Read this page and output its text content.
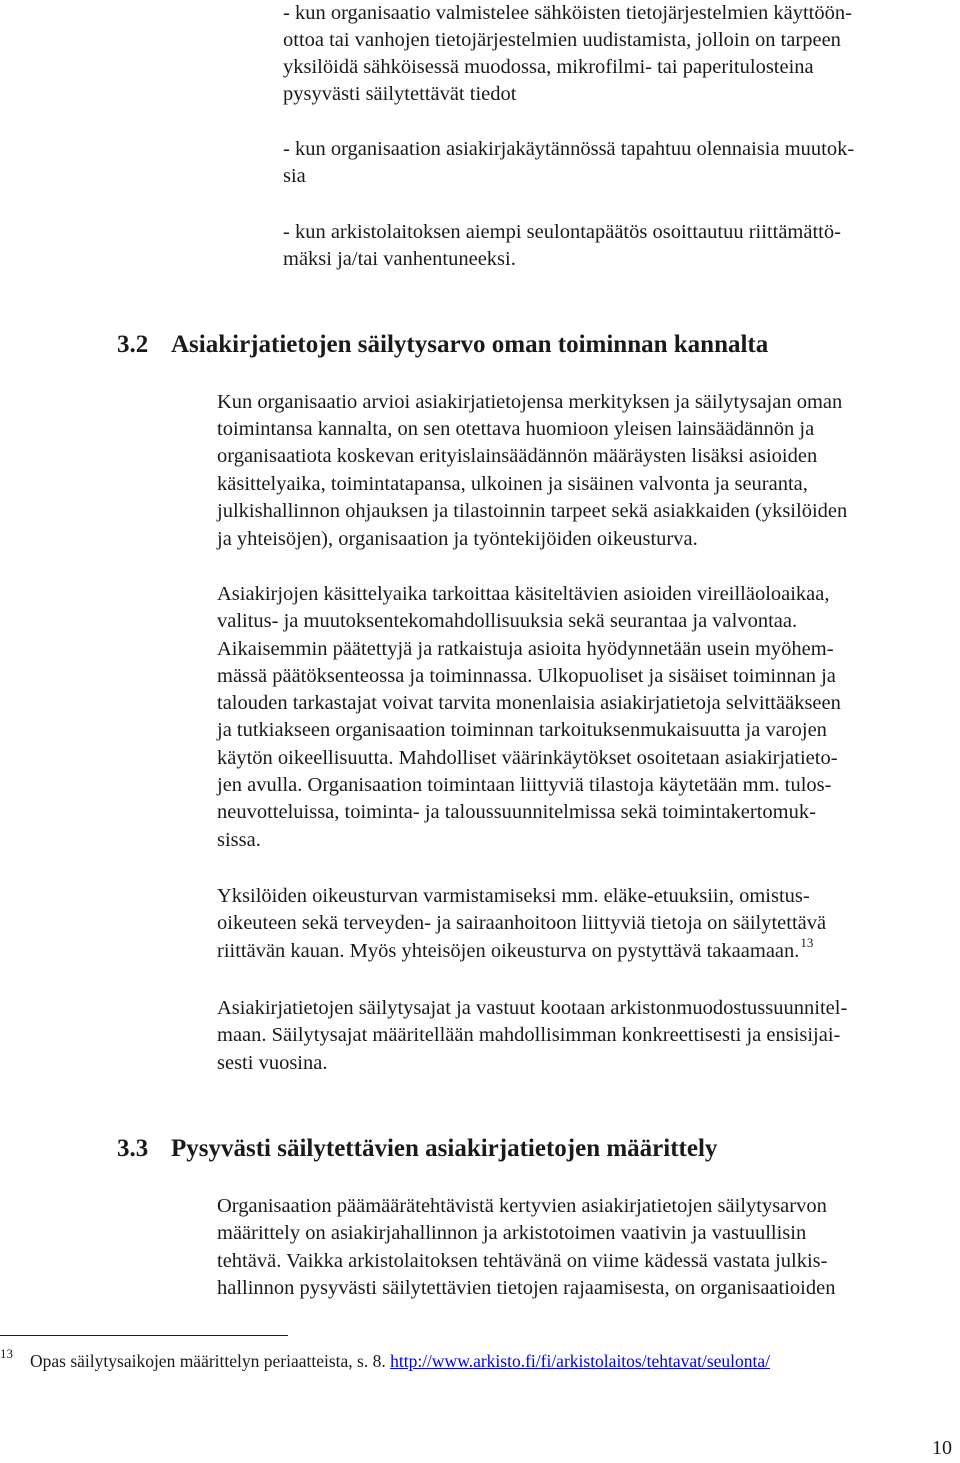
- kun organisaatio valmistelee sähköisten tietojärjestelmien käyttöön-
ottoa tai vanhojen tietojärjestelmien uudistamista, jolloin on tarpeen
yksilöidä sähköisessä muodossa, mikrofilmi- tai paperitulosteina
pysyvästi säilytettävät tiedot
- kun organisaation asiakirjakäytännössä tapahtuu olennaisia muutok-
sia
- kun arkistolaitoksen aiempi seulontapäätös osoittautuu riittämättö-
mäksi ja/tai vanhentuneeksi.
3.2 Asiakirjatietojen säilytysarvo oman toiminnan kannalta
Kun organisaatio arvioi asiakirjatietojensa merkityksen ja säilytysajan oman
toimintansa kannalta, on sen otettava huomioon yleisen lainsäädännön ja
organisaatiota koskevan erityislainsäädännön määräysten lisäksi asioiden
käsittelyaika, toimintatapansa, ulkoinen ja sisäinen valvonta ja seuranta,
julkishallinnon ohjauksen ja tilastoinnin tarpeet sekä asiakkaiden (yksilöiden
ja yhteisöjen), organisaation ja työntekijöiden oikeusturva.
Asiakirjojen käsittelyaika tarkoittaa käsiteltävien asioiden vireilläoloaikaa,
valitus- ja muutoksentekomahdollisuuksia sekä seurantaa ja valvontaa.
Aikaisemmin päätettyjä ja ratkaistuja asioita hyödynnetään usein myöhem-
mässä päätöksenteossa ja toiminnassa. Ulkopuoliset ja sisäiset toiminnan ja
talouden tarkastajat voivat tarvita monenlaisia asiakirjatietoja selvittääkseen
ja tutkiakseen organisaation toiminnan tarkoituksenmukaisuutta ja varojen
käytön oikeellisuutta. Mahdolliset väärinkäytökset osoitetaan asiakirjatieto-
jen avulla. Organisaation toimintaan liittyviä tilastoja käytetään mm. tulos-
neuvotteluissa, toiminta- ja taloussuunnitelmissa sekä toimintakertomuk-
sissa.
Yksilöiden oikeusturvan varmistamiseksi mm. eläke-etuuksiin, omistus-
oikeuteen sekä terveyden- ja sairaanhoitoon liittyviä tietoja on säilytettävä
riittävän kauan. Myös yhteisöjen oikeusturva on pystyttävä takaamaan.$^{13}$
Asiakirjatietojen säilytysajat ja vastuut kootaan arkistonmuodostussuunnitel-
maan. Säilytysajat määritellään mahdollisimman konkreettisesti ja ensisijai-
sesti vuosina.
3.3 Pysyvästi säilytettävien asiakirjatietojen määrittely
Organisaation päämäärätehtävistä kertyvien asiakirjatietojen säilytysarvon
määrittely on asiakirjahallinnon ja arkistotoimen vaativin ja vastuullisin
tehtävä. Vaikka arkistolaitoksen tehtävänä on viime kädessä vastata julkis-
hallinnon pysyvästi säilytettävien tietojen rajaamisesta, on organisaatioiden
13 Opas säilytysaikojen määrittelyn periaatteista, s. 8. http://www.arkisto.fi/fi/arkistolaitos/tehtavat/seulonta/
10
